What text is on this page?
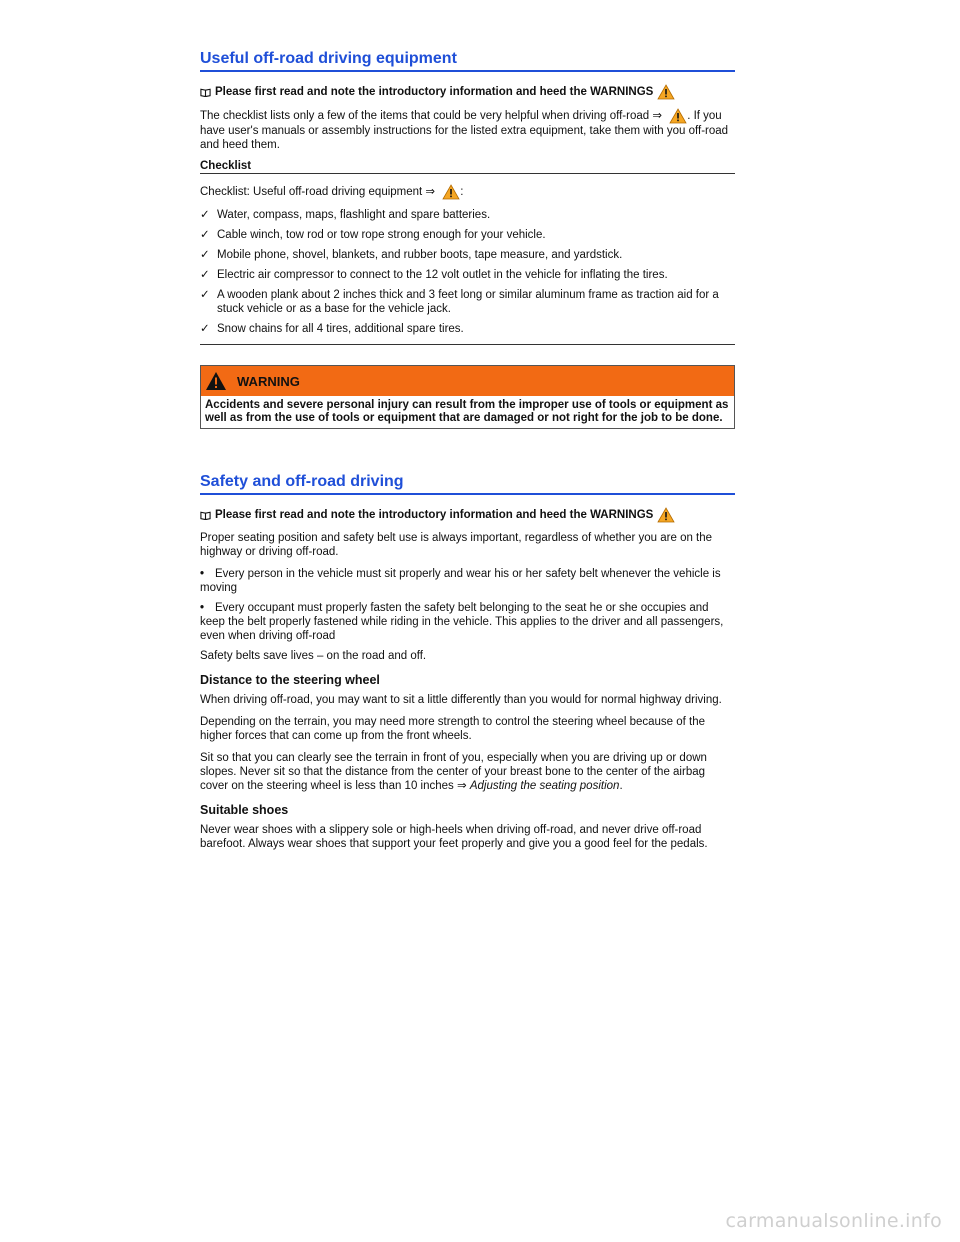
Useful off-road driving equipment
Please first read and note the introductory information and heed the WARNINGS

The checklist lists only a few of the items that could be very helpful when driving off-road ⇒ . If you have user's manuals or assembly instructions for the listed extra equipment, take them with you off-road and heed them.

Checklist

Checklist: Useful off-road driving equipment ⇒ :

✓ Water, compass, maps, flashlight and spare batteries.
✓ Cable winch, tow rod or tow rope strong enough for your vehicle.
✓ Mobile phone, shovel, blankets, and rubber boots, tape measure, and yardstick.
✓ Electric air compressor to connect to the 12 volt outlet in the vehicle for inflating the tires.
✓ A wooden plank about 2 inches thick and 3 feet long or similar aluminum frame as traction aid for a stuck vehicle or as a base for the vehicle jack.
✓ Snow chains for all 4 tires, additional spare tires.
WARNING
Accidents and severe personal injury can result from the improper use of tools or equipment as well as from the use of tools or equipment that are damaged or not right for the job to be done.
Safety and off-road driving
Please first read and note the introductory information and heed the WARNINGS

Proper seating position and safety belt use is always important, regardless of whether you are on the highway or driving off-road.

• Every person in the vehicle must sit properly and wear his or her safety belt whenever the vehicle is moving
• Every occupant must properly fasten the safety belt belonging to the seat he or she occupies and keep the belt properly fastened while riding in the vehicle. This applies to the driver and all passengers, even when driving off-road

Safety belts save lives – on the road and off.

Distance to the steering wheel

When driving off-road, you may want to sit a little differently than you would for normal highway driving.

Depending on the terrain, you may need more strength to control the steering wheel because of the higher forces that can come up from the front wheels.

Sit so that you can clearly see the terrain in front of you, especially when you are driving up or down slopes. Never sit so that the distance from the center of your breast bone to the center of the airbag cover on the steering wheel is less than 10 inches ⇒ Adjusting the seating position.

Suitable shoes

Never wear shoes with a slippery sole or high-heels when driving off-road, and never drive off-road barefoot. Always wear shoes that support your feet properly and give you a good feel for the pedals.

carmanualsonline.info
